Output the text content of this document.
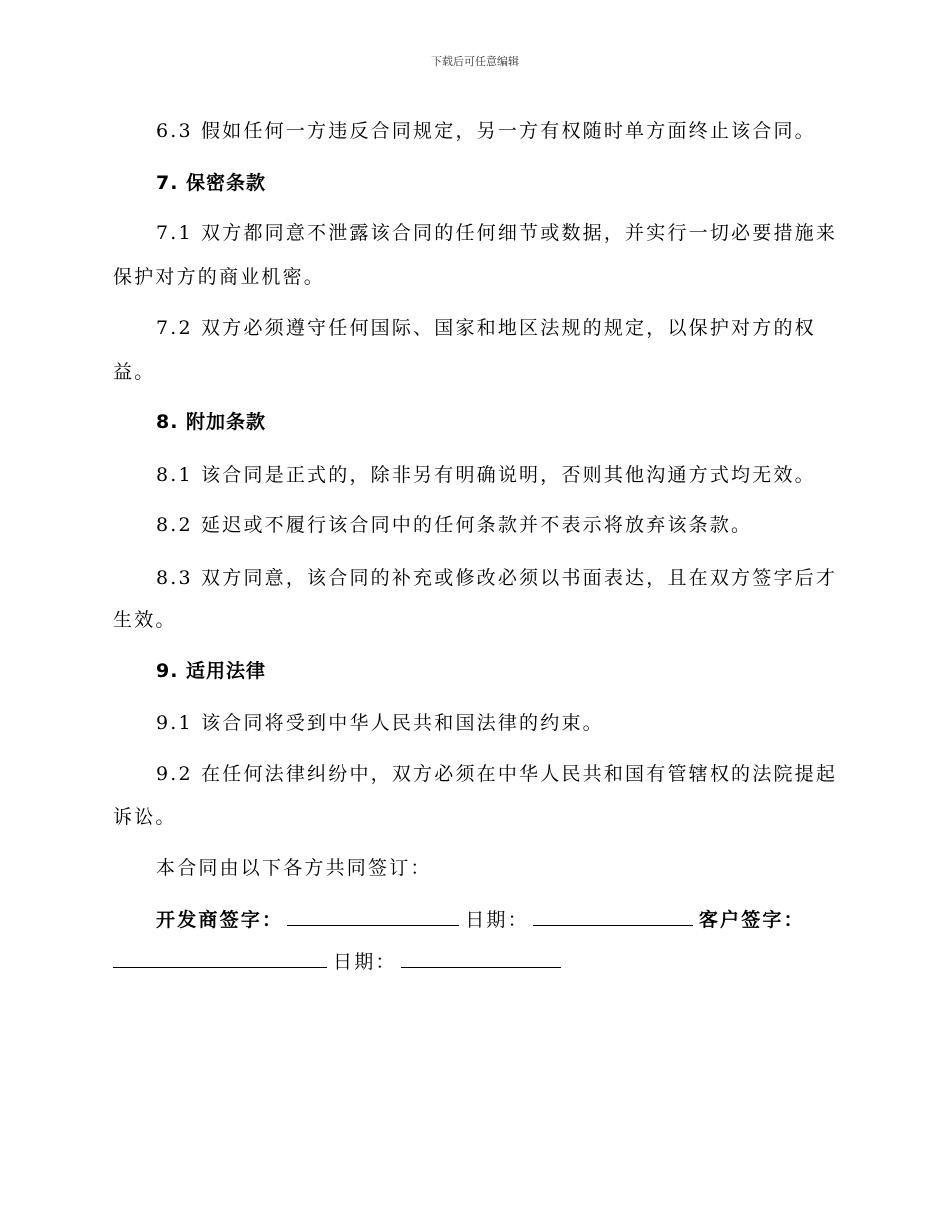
下载后可任意编辑
6.3 假如任何一方违反合同规定，另一方有权随时单方面终止该合同。
7. 保密条款
7.1 双方都同意不泄露该合同的任何细节或数据，并实行一切必要措施来
保护对方的商业机密。
7.2 双方必须遵守任何国际、国家和地区法规的规定，以保护对方的权
益。
8. 附加条款
8.1 该合同是正式的，除非另有明确说明，否则其他沟通方式均无效。
8.2 延迟或不履行该合同中的任何条款并不表示将放弃该条款。
8.3 双方同意，该合同的补充或修改必须以书面表达，且在双方签字后才
生效。
9. 适用法律
9.1 该合同将受到中华人民共和国法律的约束。
9.2 在任何法律纠纷中，双方必须在中华人民共和国有管辖权的法院提起
诉讼。
本合同由以下各方共同签订：
开发商签字：	日期：	客户签字：
日期：
